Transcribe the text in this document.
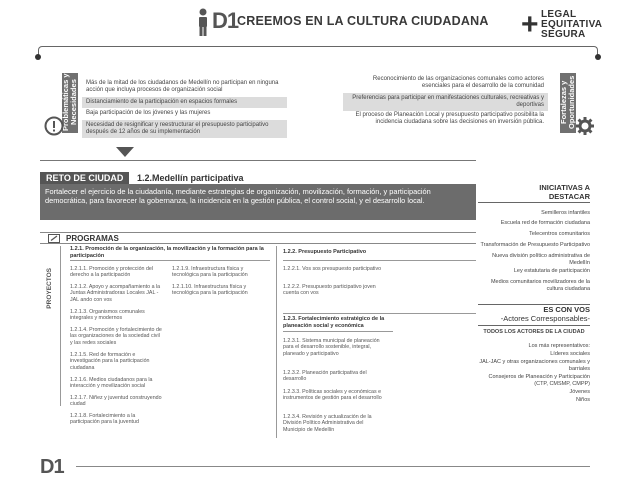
D1
CREEMOS EN LA CULTURA CIUDADANA + LEGAL
EQUITATIVA
SEGURA
Problemáticas y Necesidades	Más de la mitad de los ciudadanos de Medellín no participan en ninguna acción que incluya procesos de organización social
Distanciamiento de la participación en espacios formales
Baja participación de los jóvenes y las mujeres
Necesidad de resignificar y reestructurar el presupuesto participativo después de 12 años de su implementación
Fortalezas y Oportunidades
Reconocimiento de las organizaciones comunales como actores esenciales para el desarrollo de la comunidad
Preferencias para participar en manifestaciones culturales, recreativas y deportivas
El proceso de Planeación Local y presupuesto participativo posibilita la incidencia ciudadana sobre las decisiones en inversión pública.
RETO DE CIUDAD	1.2.Medellín participativa
Fortalecer el ejercicio de la ciudadanía, mediante estrategias de organización, movilización, formación, y participación democrática, para favorecer la gobernanza, la incidencia en la gestión pública, el control social, y el desarrollo local.
PROGRAMAS
PROYECTOS
1.2.1. Promoción de la organización, la movilización y la formación para la participación
1.2.1.1. Promoción y protección del derecho a la participación
1.2.1.2. Apoyo y acompañamiento a la Juntas Administradoras Locales JAL - JAL ando con vos
1.2.1.3. Organismos comunales integrales y modernos
1.2.1.4. Promoción y fortalecimiento de las organizaciones de la sociedad civil y las redes sociales
1.2.1.5. Red de formación e investigación para la participación ciudadana
1.2.1.6. Medios ciudadanos para la interacción y movilización social
1.2.1.7. Niñez y juventud construyendo ciudad
1.2.1.8. Fortalecimiento a la participación para la juventud
1.2.1.9. Infraestructura física y tecnológica para la participación
1.2.1.10. Infraestructura física y tecnológica para la participación
1.2.2. Presupuesto Participativo
1.2.2.1. Vos sos presupuesto participativo
1.2.2.2. Presupuesto participativo joven cuenta con vos
1.2.3. Fortalecimiento estratégico de la planeación social y económica
1.2.3.1. Sistema municipal de planeación para el desarrollo sostenible, integral, planeado y participativo
1.2.3.2. Planeación participativa del desarrollo
1.2.3.3. Políticas sociales y económicas e instrumentos de gestión para el desarrollo
1.2.3.4. Revisión y actualización de la División Político Administrativa del Municipio de Medellín
INICIATIVAS A
DESTACAR
Semilleros infantiles
Escuela red de formación ciudadana
Telecentros comunitarios
Transformación de Presupuesto Participativo
Nueva división político administrativa de Medellín
Ley estatutaria de participación
Medios comunitarios movilizadores de la cultura ciudadana
ES CON VOS
-Actores Corresponsables-
TODOS LOS ACTORES DE LA CIUDAD
Los más representativos:
Líderes sociales
JAL-JAC y otras organizaciones comunales y barriales
Consejeros de Planeación y Participación (CTP, CMSMP, CMPP)
Jóvenes
Niños
D1
